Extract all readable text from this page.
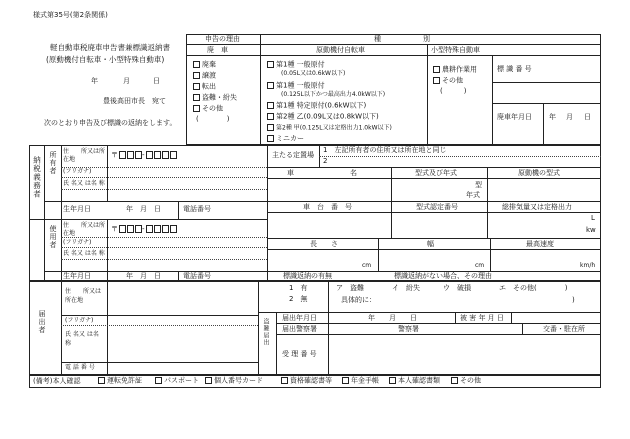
様式第35号(第2条関係)
軽自動車税廃車申告書兼標識返納書
(原動機付自転車・小型特殊自動車)
年	月	日
豊後高田市長　宛て
次のとおり申告及び標識の返納をします。
申告の理由
廃　車
種　　　　　　別
原動機付自転車	小型特殊自動車
廃棄
譲渡
転出
盗難・紛失
その他
(　　　　)
第1種 一般原付
(0.05L又は0.6kW以下)
第1種 一般原付
(0.125L以下かつ最高出力4.0kW以下)
第1種 特定原付(0.6kW以下)
第2種 乙(0.09L又は0.8kW以下)
第2種 甲(0.125L又は定格出力1.0kW以下)
ミニカー
農耕作業用
その他
(　　　)
標 識 番 号
廃車年月日 年 月 日
納税義務者 所有者 住　　所又は所在地
〒	-
(フリガナ)
氏 名又 は名 称
生年月日	年　月　日	電話番号
使用者 住　　所又は所在地
〒	-
(フリガナ)
氏 名又 は名 称
生年月日	年　月　日	電話番号
主たる定置場
1　左記所有者の住所又は所在地と同じ
2
車	名	型式及び年式	原動機の型式
型
年式
車　台　番　号	型式認定番号	総排気量又は定格出力
L
kw
長　　さ	幅	最高速度
cm	cm	km/h
標識返納の有無	標識返納がない場合、その理由
1　有
2　無
ア　盗難	イ　紛失	ウ　破損	エ　その他(　　　　)
具体的に：	)
届出者
住　　所又は所在地
(フリガナ)
氏 名又 は名 称
電 話 番 号
盗難届出 届出年月日	年　　月　　日	被 害 年 月 日
届出警察署	警察署	交番・駐在所
受 理 番 号
(備考)本人確認	運転免許証	パスポート	個人番号カード	資格確認書等	年金手帳	本人確認書類	その他
